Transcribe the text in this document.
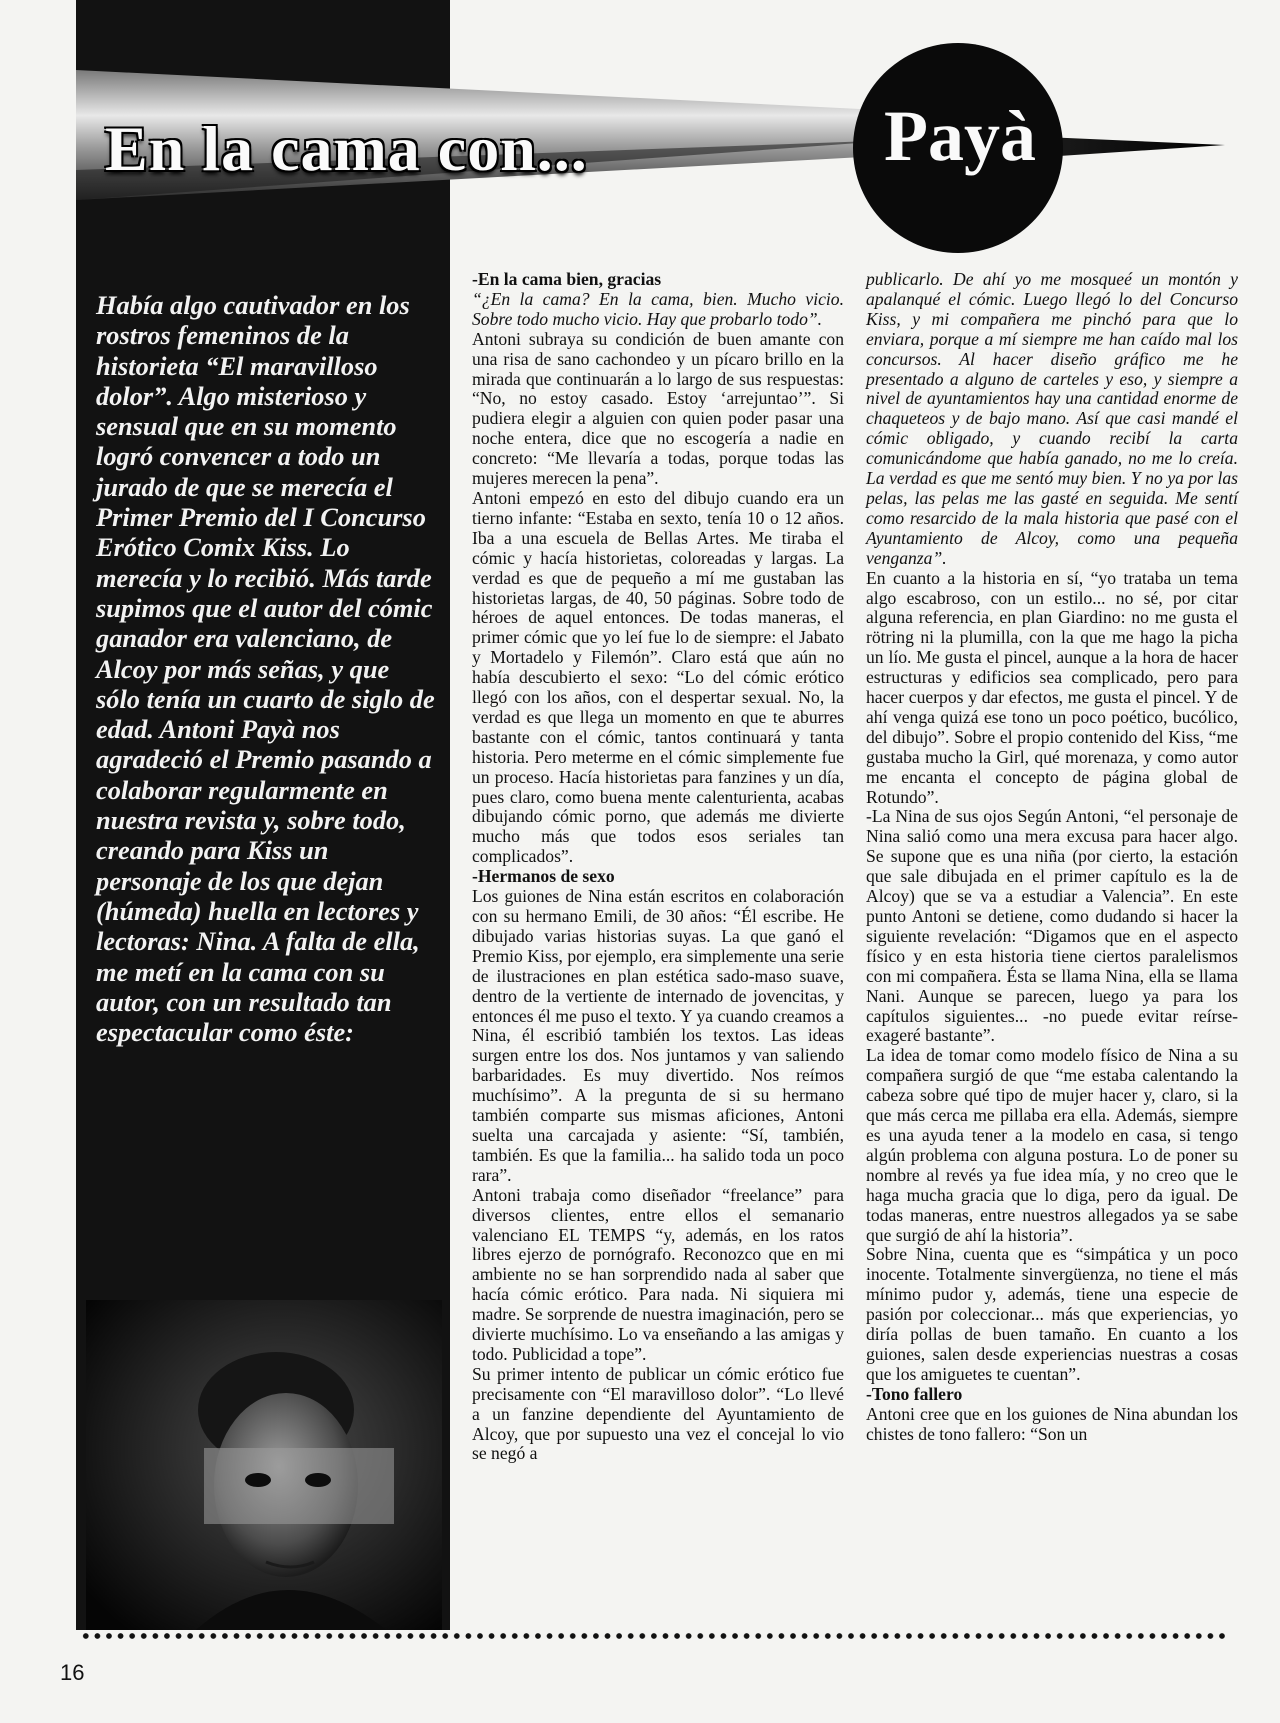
En la cama con...	Payà

Había algo cautivador en los rostros femeninos de la historieta “El maravilloso dolor”. Algo misterioso y sensual que en su momento logró convencer a todo un jurado de que se merecía el Primer Premio del I Concurso Erótico Comix Kiss. Lo merecía y lo recibió. Más tarde supimos que el autor del cómic ganador era valenciano, de Alcoy por más señas, y que sólo tenía un cuarto de siglo de edad. Antoni Payà nos agradeció el Premio pasando a colaborar regularmente en nuestra revista y, sobre todo, creando para Kiss un personaje de los que dejan (húmeda) huella en lectores y lectoras: Nina. A falta de ella, me metí en la cama con su autor, con un resultado tan espectacular como éste:

-En la cama bien, gracias

“¿En la cama? En la cama, bien. Mucho vicio. Sobre todo mucho vicio. Hay que probarlo todo”.

Antoni subraya su condición de buen amante con una risa de sano cachondeo y un pícaro brillo en la mirada que continuarán a lo largo de sus respuestas: “No, no estoy casado. Estoy ‘arrejuntao’”. Si pudiera elegir a alguien con quien poder pasar una noche entera, dice que no escogería a nadie en concreto: “Me llevaría a todas, porque todas las mujeres merecen la pena”.

Antoni empezó en esto del dibujo cuando era un tierno infante: “Estaba en sexto, tenía 10 o 12 años. Iba a una escuela de Bellas Artes. Me tiraba el cómic y hacía historietas, coloreadas y largas. La verdad es que de pequeño a mí me gustaban las historietas largas, de 40, 50 páginas. Sobre todo de héroes de aquel entonces. De todas maneras, el primer cómic que yo leí fue lo de siempre: el Jabato y Mortadelo y Filemón”. Claro está que aún no había descubierto el sexo: “Lo del cómic erótico llegó con los años, con el despertar sexual. No, la verdad es que llega un momento en que te aburres bastante con el cómic, tantos continuará y tanta historia. Pero meterme en el cómic simplemente fue un proceso. Hacía historietas para fanzines y un día, pues claro, como buena mente calenturienta, acabas dibujando cómic porno, que además me divierte mucho más que todos esos seriales tan complicados”.

-Hermanos de sexo

Los guiones de Nina están escritos en colaboración con su hermano Emili, de 30 años: “Él escribe. He dibujado varias historias suyas. La que ganó el Premio Kiss, por ejemplo, era simplemente una serie de ilustraciones en plan estética sado-maso suave, dentro de la vertiente de internado de jovencitas, y entonces él me puso el texto. Y ya cuando creamos a Nina, él escribió también los textos. Las ideas surgen entre los dos. Nos juntamos y van saliendo barbaridades. Es muy divertido. Nos reímos muchísimo”. A la pregunta de si su hermano también comparte sus mismas aficiones, Antoni suelta una carcajada y asiente: “Sí, también, también. Es que la familia... ha salido toda un poco rara”.

Antoni trabaja como diseñador “freelance” para diversos clientes, entre ellos el semanario valenciano EL TEMPS “y, además, en los ratos libres ejerzo de pornógrafo. Reconozco que en mi ambiente no se han sorprendido nada al saber que hacía cómic erótico. Para nada. Ni siquiera mi madre. Se sorprende de nuestra imaginación, pero se divierte muchísimo. Lo va enseñando a las amigas y todo. Publicidad a tope”.

Su primer intento de publicar un cómic erótico fue precisamente con “El maravilloso dolor”. “Lo llevé a un fanzine dependiente del Ayuntamiento de Alcoy, que por supuesto una vez el concejal lo vio se negó a

publicarlo. De ahí yo me mosqueé un montón y apalanqué el cómic. Luego llegó lo del Concurso Kiss, y mi compañera me pinchó para que lo enviara, porque a mí siempre me han caído mal los concursos. Al hacer diseño gráfico me he presentado a alguno de carteles y eso, y siempre a nivel de ayuntamientos hay una cantidad enorme de chaqueteos y de bajo mano. Así que casi mandé el cómic obligado, y cuando recibí la carta comunicándome que había ganado, no me lo creía. La verdad es que me sentó muy bien. Y no ya por las pelas, las pelas me las gasté en seguida. Me sentí como resarcido de la mala historia que pasé con el Ayuntamiento de Alcoy, como una pequeña venganza”.

En cuanto a la historia en sí, “yo trataba un tema algo escabroso, con un estilo... no sé, por citar alguna referencia, en plan Giardino: no me gusta el rötring ni la plumilla, con la que me hago la picha un lío. Me gusta el pincel, aunque a la hora de hacer estructuras y edificios sea complicado, pero para hacer cuerpos y dar efectos, me gusta el pincel. Y de ahí venga quizá ese tono un poco poético, bucólico, del dibujo”. Sobre el propio contenido del Kiss, “me gustaba mucho la Girl, qué morenaza, y como autor me encanta el concepto de página global de Rotundo”.

-La Nina de sus ojos Según Antoni, “el personaje de Nina salió como una mera excusa para hacer algo. Se supone que es una niña (por cierto, la estación que sale dibujada en el primer capítulo es la de Alcoy) que se va a estudiar a Valencia”. En este punto Antoni se detiene, como dudando si hacer la siguiente revelación: “Digamos que en el aspecto físico y en esta historia tiene ciertos paralelismos con mi compañera. Ésta se llama Nina, ella se llama Nani. Aunque se parecen, luego ya para los capítulos siguientes... -no puede evitar reírse- exageré bastante”.

La idea de tomar como modelo físico de Nina a su compañera surgió de que “me estaba calentando la cabeza sobre qué tipo de mujer hacer y, claro, si la que más cerca me pillaba era ella. Además, siempre es una ayuda tener a la modelo en casa, si tengo algún problema con alguna postura. Lo de poner su nombre al revés ya fue idea mía, y no creo que le haga mucha gracia que lo diga, pero da igual. De todas maneras, entre nuestros allegados ya se sabe que surgió de ahí la historia”.

Sobre Nina, cuenta que es “simpática y un poco inocente. Totalmente sinvergüenza, no tiene el más mínimo pudor y, además, tiene una especie de pasión por coleccionar... más que experiencias, yo diría pollas de buen tamaño. En cuanto a los guiones, salen desde experiencias nuestras a cosas que los amiguetes te cuentan”.

-Tono fallero

Antoni cree que en los guiones de Nina abundan los chistes de tono fallero: “Son un

16
